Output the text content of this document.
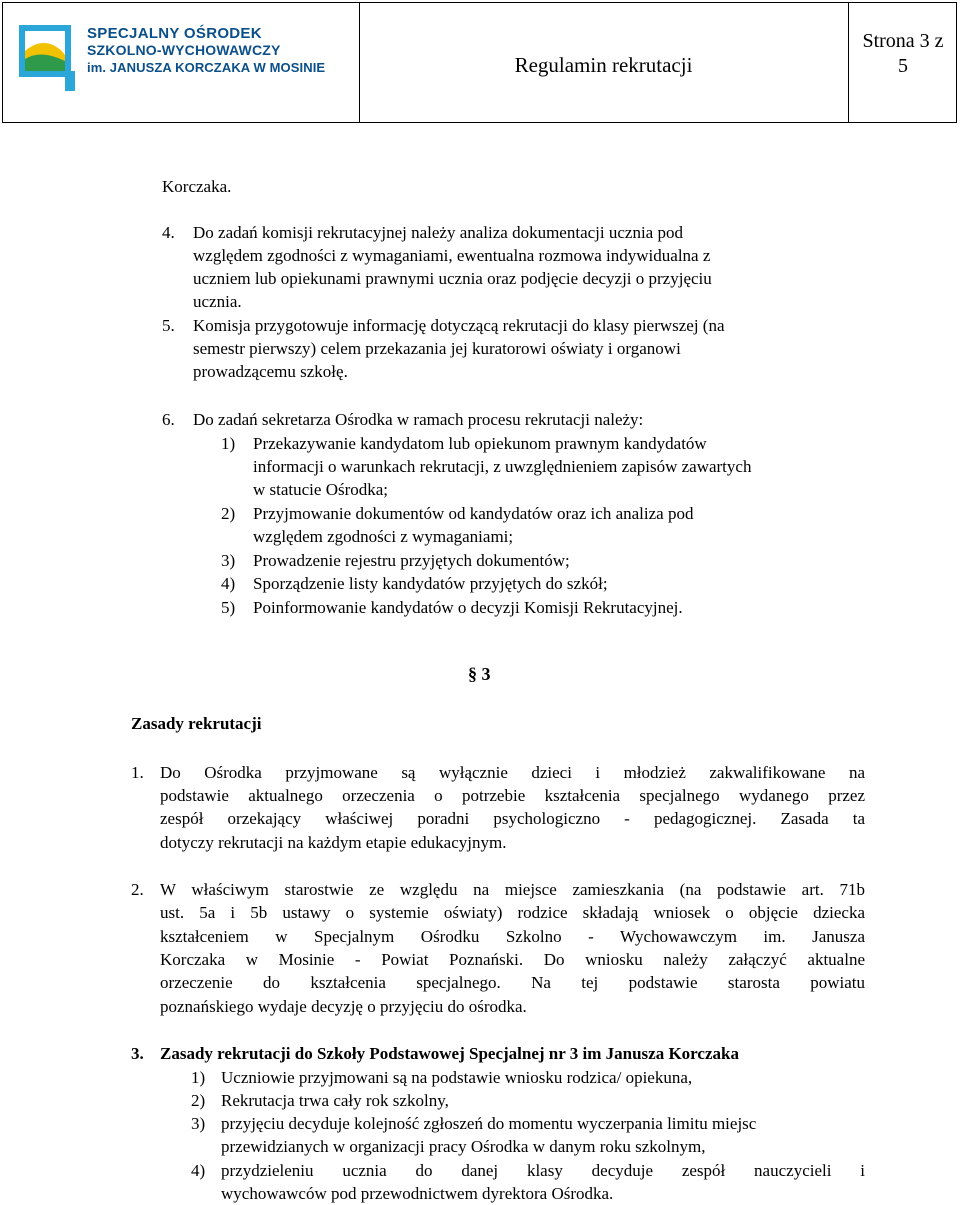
SPECJALNY OŚRODEK
SZKOLNO-WYCHOWAWCZY
im. JANUSZA KORCZAKA W MOSINIE	Regulamin rekrutacji
Strona 3 z
5
Korczaka.
4. Do zadań komisji rekrutacyjnej należy analiza dokumentacji ucznia pod
względem zgodności z wymaganiami, ewentualna rozmowa indywidualna z
uczniem lub opiekunami prawnymi ucznia oraz podjęcie decyzji o przyjęciu
ucznia.
5. Komisja przygotowuje informację dotyczącą rekrutacji do klasy pierwszej (na
semestr pierwszy) celem przekazania jej kuratorowi oświaty i organowi
prowadzącemu szkołę.
6. Do zadań sekretarza Ośrodka w ramach procesu rekrutacji należy:
1) Przekazywanie kandydatom lub opiekunom prawnym kandydatów
informacji o warunkach rekrutacji, z uwzględnieniem zapisów zawartych
w statucie Ośrodka;
2) Przyjmowanie dokumentów od kandydatów oraz ich analiza pod
względem zgodności z wymaganiami;
3) Prowadzenie rejestru przyjętych dokumentów;
4) Sporządzenie listy kandydatów przyjętych do szkół;
5) Poinformowanie kandydatów o decyzji Komisji Rekrutacyjnej.
§ 3
Zasady rekrutacji
1. Do Ośrodka przyjmowane są wyłącznie dzieci i młodzież zakwalifikowane na
podstawie aktualnego orzeczenia o potrzebie kształcenia specjalnego wydanego przez
zespół orzekający właściwej poradni psychologiczno - pedagogicznej. Zasada ta
dotyczy rekrutacji na każdym etapie edukacyjnym.
2. W właściwym starostwie ze względu na miejsce zamieszkania (na podstawie art. 71b
ust. 5a i 5b ustawy o systemie oświaty) rodzice składają wniosek o objęcie dziecka
kształceniem w Specjalnym Ośrodku Szkolno - Wychowawczym im. Janusza
Korczaka w Mosinie - Powiat Poznański. Do wniosku należy załączyć aktualne
orzeczenie do kształcenia specjalnego. Na tej podstawie starosta powiatu
poznańskiego wydaje decyzję o przyjęciu do ośrodka.
3. Zasady rekrutacji do Szkoły Podstawowej Specjalnej nr 3 im Janusza Korczaka
1) Uczniowie przyjmowani są na podstawie wniosku rodzica/ opiekuna,
2) Rekrutacja trwa cały rok szkolny,
3) przyjęciu decyduje kolejność zgłoszeń do momentu wyczerpania limitu miejsc
przewidzianych w organizacji pracy Ośrodka w danym roku szkolnym,
4) przydzieleniu ucznia do danej klasy decyduje zespół nauczycieli i
wychowawców pod przewodnictwem dyrektora Ośrodka.
